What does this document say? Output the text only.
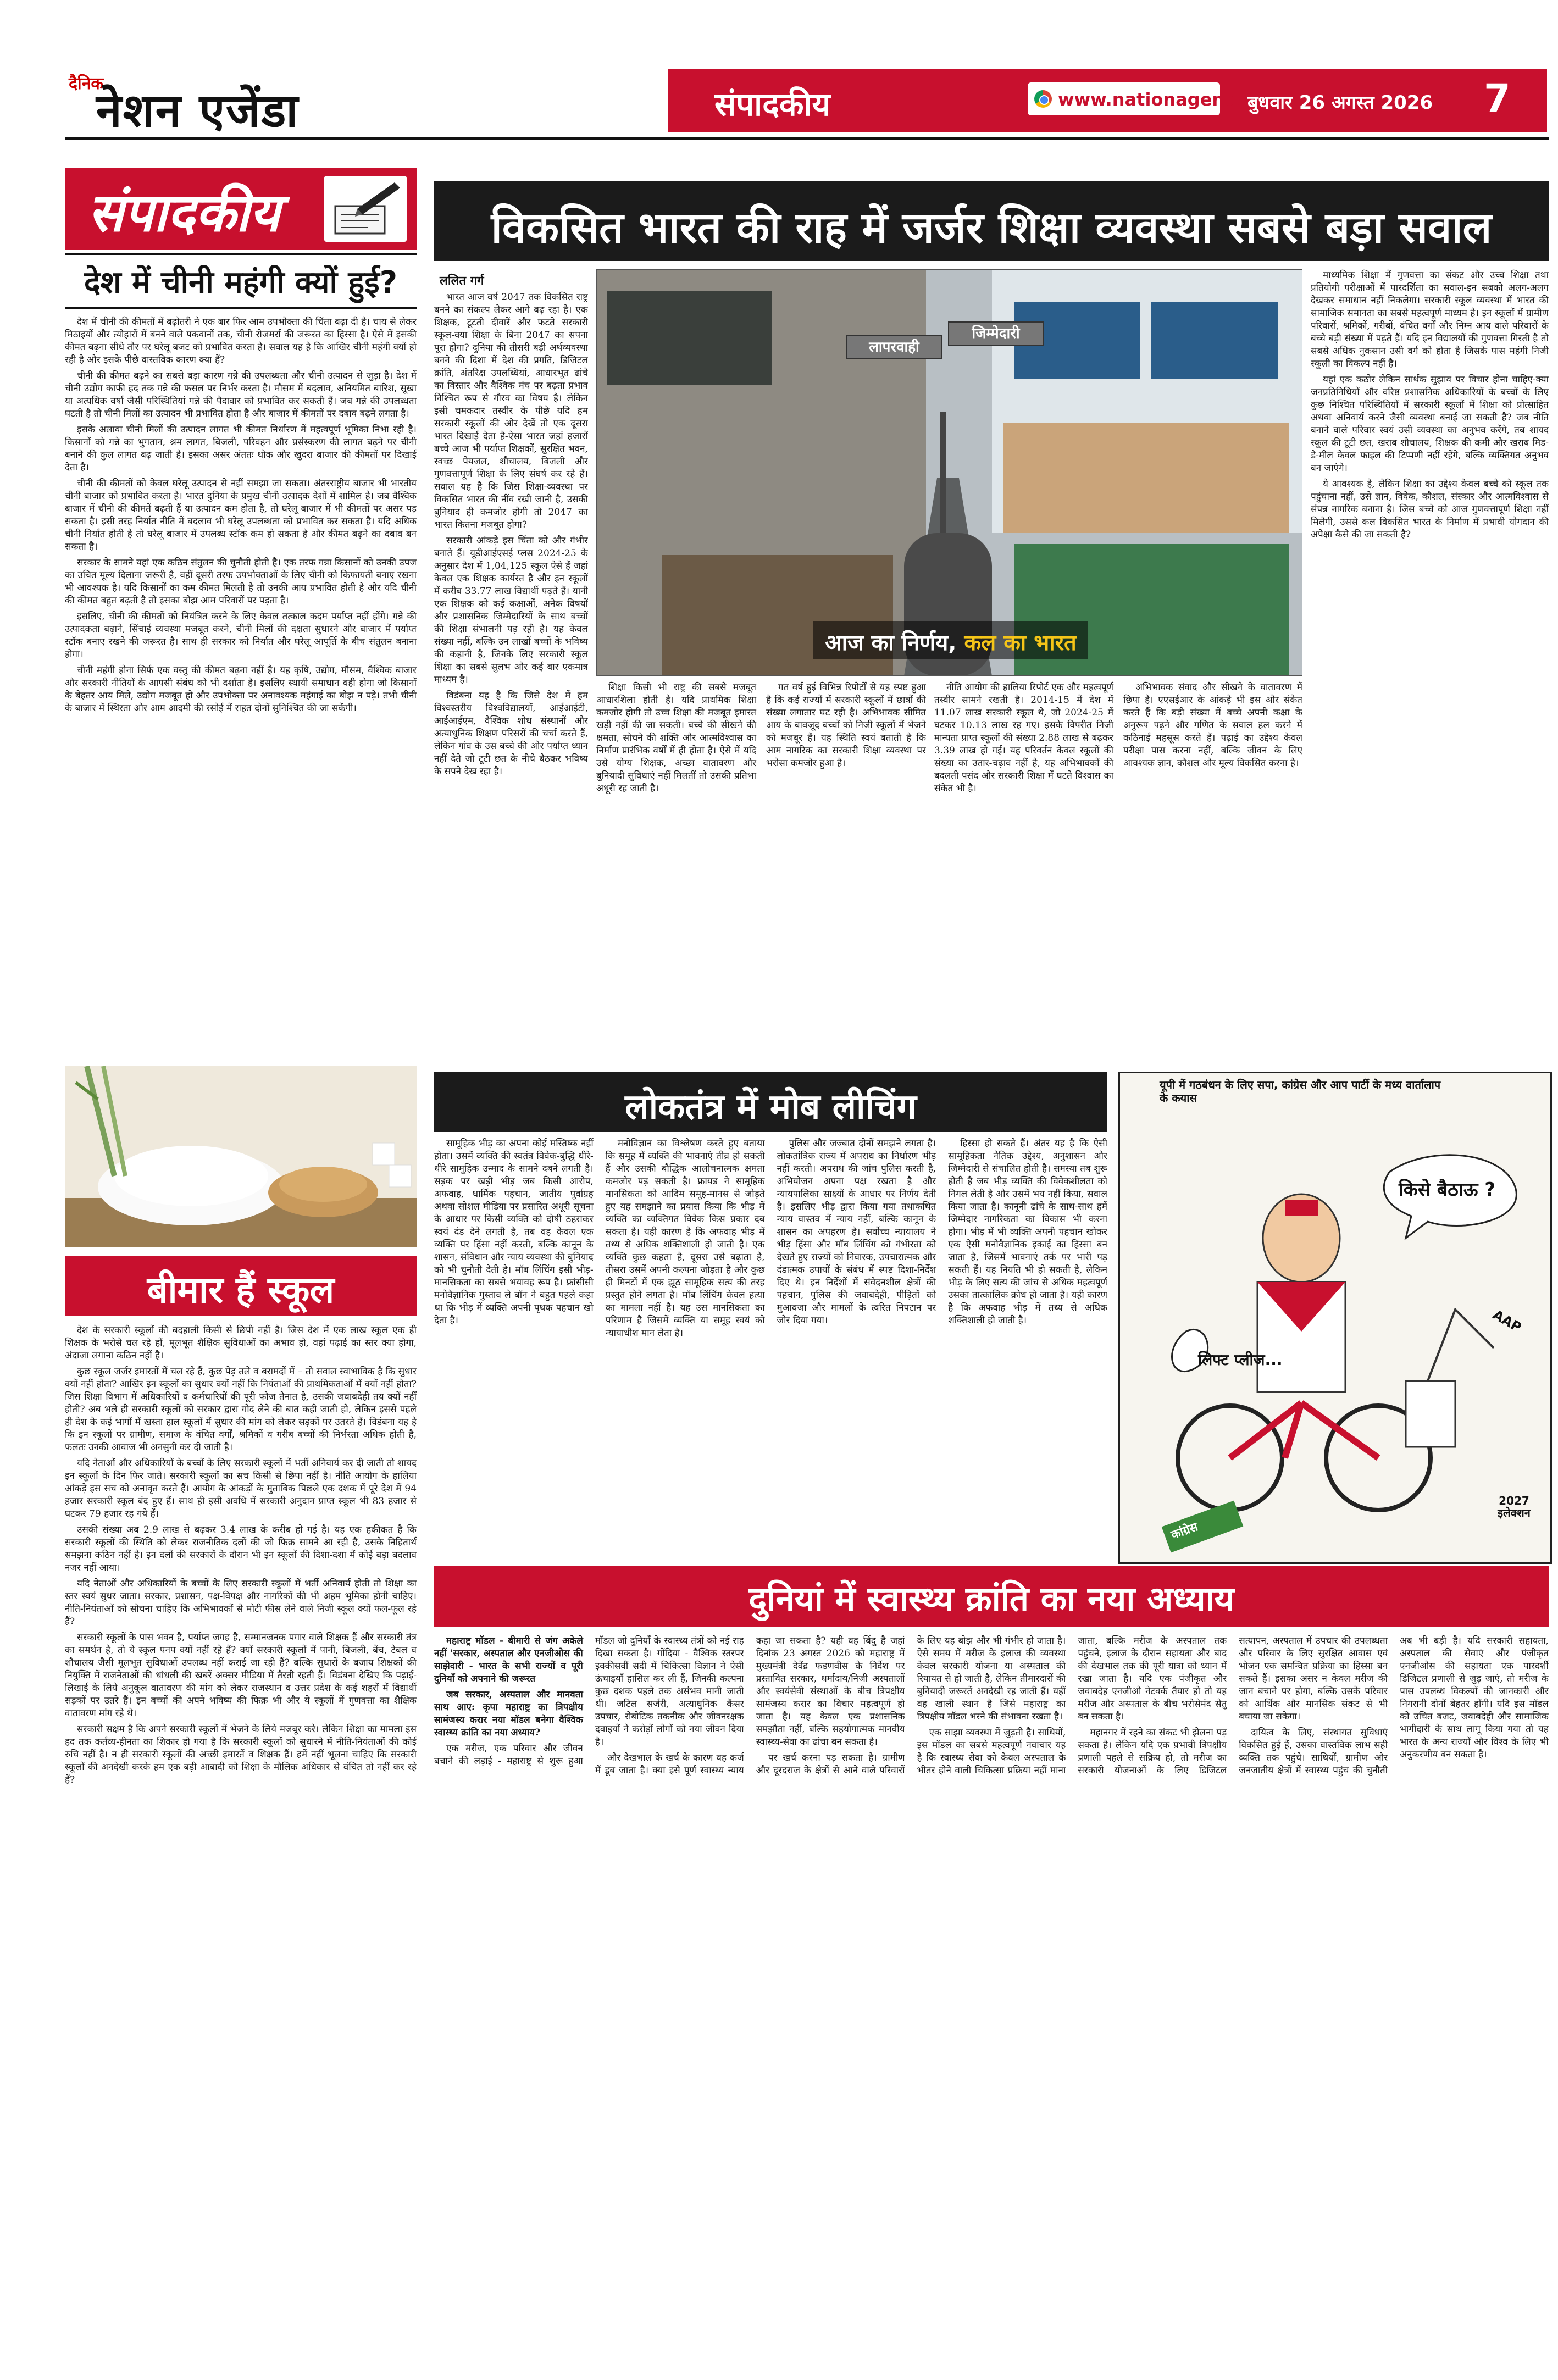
दैनिक
नेशन एजेंडा	संपादकीय	www.nationagenda.com
बुधवार 26 अगस्त 2026 7
संपादकीय
देश में चीनी महंगी क्यों हुई?

देश में चीनी की कीमतों में बढ़ोतरी ने एक बार फिर आम उपभोक्ता की चिंता बढ़ा दी है। चाय से लेकर मिठाइयों और त्योहारों में बनने वाले पकवानों तक, चीनी रोजमर्रा की जरूरत का हिस्सा है। ऐसे में इसकी कीमत बढ़ना सीधे तौर पर घरेलू बजट को प्रभावित करता है। सवाल यह है कि आखिर चीनी महंगी क्यों हो रही है और इसके पीछे वास्तविक कारण क्या हैं?

चीनी की कीमत बढ़ने का सबसे बड़ा कारण गन्ने की उपलब्धता और चीनी उत्पादन से जुड़ा है। देश में चीनी उद्योग काफी हद तक गन्ने की फसल पर निर्भर करता है। मौसम में बदलाव, अनियमित बारिश, सूखा या अत्यधिक वर्षा जैसी परिस्थितियां गन्ने की पैदावार को प्रभावित कर सकती हैं। जब गन्ने की उपलब्धता घटती है तो चीनी मिलों का उत्पादन भी प्रभावित होता है और बाजार में कीमतों पर दबाव बढ़ने लगता है।

इसके अलावा चीनी मिलों की उत्पादन लागत भी कीमत निर्धारण में महत्वपूर्ण भूमिका निभा रही है। किसानों को गन्ने का भुगतान, श्रम लागत, बिजली, परिवहन और प्रसंस्करण की लागत बढ़ने पर चीनी बनाने की कुल लागत बढ़ जाती है। इसका असर अंततः थोक और खुदरा बाजार की कीमतों पर दिखाई देता है।

चीनी की कीमतों को केवल घरेलू उत्पादन से नहीं समझा जा सकता। अंतरराष्ट्रीय बाजार भी भारतीय चीनी बाजार को प्रभावित करता है। भारत दुनिया के प्रमुख चीनी उत्पादक देशों में शामिल है। जब वैश्विक बाजार में चीनी की कीमतें बढ़ती हैं या उत्पादन कम होता है, तो घरेलू बाजार में भी कीमतों पर असर पड़ सकता है। इसी तरह निर्यात नीति में बदलाव भी घरेलू उपलब्धता को प्रभावित कर सकता है। यदि अधिक चीनी निर्यात होती है तो घरेलू बाजार में उपलब्ध स्टॉक कम हो सकता है और कीमत बढ़ने का दबाव बन सकता है।

सरकार के सामने यहां एक कठिन संतुलन की चुनौती होती है। एक तरफ गन्ना किसानों को उनकी उपज का उचित मूल्य दिलाना जरूरी है, वहीं दूसरी तरफ उपभोक्ताओं के लिए चीनी को किफायती बनाए रखना भी आवश्यक है। यदि किसानों का कम कीमत मिलती है तो उनकी आय प्रभावित होती है और यदि चीनी की कीमत बहुत बढ़ती है तो इसका बोझ आम परिवारों पर पड़ता है।

इसलिए, चीनी की कीमतों को नियंत्रित करने के लिए केवल तत्काल कदम पर्याप्त नहीं होंगे। गन्ने की उत्पादकता बढ़ाने, सिंचाई व्यवस्था मजबूत करने, चीनी मिलों की दक्षता सुधारने और बाजार में पर्याप्त स्टॉक बनाए रखने की जरूरत है। साथ ही सरकार को निर्यात और घरेलू आपूर्ति के बीच संतुलन बनाना होगा।

चीनी महंगी होना सिर्फ एक वस्तु की कीमत बढ़ना नहीं है। यह कृषि, उद्योग, मौसम, वैश्विक बाजार और सरकारी नीतियों के आपसी संबंध को भी दर्शाता है। इसलिए स्थायी समाधान वही होगा जो किसानों के बेहतर आय मिले, उद्योग मजबूत हो और उपभोक्ता पर अनावश्यक महंगाई का बोझ न पड़े। तभी चीनी के बाजार में स्थिरता और आम आदमी की रसोई में राहत दोनों सुनिश्चित की जा सकेंगी।

बीमार हैं स्कूल

देश के सरकारी स्कूलों की बदहाली किसी से छिपी नहीं है। जिस देश में एक लाख स्कूल एक ही शिक्षक के भरोसे चल रहे हों, मूलभूत शैक्षिक सुविधाओं का अभाव हो, वहां पढ़ाई का स्तर क्या होगा, अंदाजा लगाना कठिन नहीं है।

कुछ स्कूल जर्जर इमारतों में चल रहे हैं, कुछ पेड़ तले व बरामदों में – तो सवाल स्वाभाविक है कि सुधार क्यों नहीं होता? आखिर इन स्कूलों का सुधार क्यों नहीं कि नियंताओं की प्राथमिकताओं में क्यों नहीं होता? जिस शिक्षा विभाग में अधिकारियों व कर्मचारियों की पूरी फौज तैनात है, उसकी जवाबदेही तय क्यों नहीं होती? अब भले ही सरकारी स्कूलों को सरकार द्वारा गोद लेने की बात कही जाती हो, लेकिन इससे पहले ही देश के कई भागों में खस्ता हाल स्कूलों में सुधार की मांग को लेकर सड़कों पर उतरते हैं। विडंबना यह है कि इन स्कूलों पर ग्रामीण, समाज के वंचित वर्गों, श्रमिकों व गरीब बच्चों की निर्भरता अधिक होती है, फलतः उनकी आवाज भी अनसुनी कर दी जाती है।

यदि नेताओं और अधिकारियों के बच्चों के लिए सरकारी स्कूलों में भर्ती अनिवार्य कर दी जाती तो शायद इन स्कूलों के दिन फिर जाते। सरकारी स्कूलों का सच किसी से छिपा नहीं है। नीति आयोग के हालिया आंकड़े इस सच को अनावृत करते हैं। आयोग के आंकड़ों के मुताबिक पिछले एक दशक में पूरे देश में 94 हजार सरकारी स्कूल बंद हुए हैं। साथ ही इसी अवधि में सरकारी अनुदान प्राप्त स्कूल भी 83 हजार से घटकर 79 हजार रह गये हैं।

उसकी संख्या अब 2.9 लाख से बढ़कर 3.4 लाख के करीब हो गई है। यह एक हकीकत है कि सरकारी स्कूलों की स्थिति को लेकर राजनीतिक दलों की जो फिक्र सामने आ रही है, उसके निहितार्थ समझना कठिन नहीं है। इन दलों की सरकारों के दौरान भी इन स्कूलों की दिशा-दशा में कोई बड़ा बदलाव नजर नहीं आया।

यदि नेताओं और अधिकारियों के बच्चों के लिए सरकारी स्कूलों में भर्ती अनिवार्य होती तो शिक्षा का स्तर स्वयं सुधर जाता। सरकार, प्रशासन, पक्ष-विपक्ष और नागरिकों की भी अहम भूमिका होनी चाहिए। नीति-नियंताओं को सोचना चाहिए कि अभिभावकों से मोटी फीस लेने वाले निजी स्कूल क्यों फल-फूल रहे हैं?

सरकारी स्कूलों के पास भवन है, पर्याप्त जगह है, सम्मानजनक पगार वाले शिक्षक हैं और सरकारी तंत्र का समर्थन है, तो ये स्कूल पनप क्यों नहीं रहे हैं? क्यों सरकारी स्कूलों में पानी, बिजली, बेंच, टेबल व शौचालय जैसी मूलभूत सुविधाओं उपलब्ध नहीं कराई जा रही हैं? बल्कि सुधारों के बजाय शिक्षकों की नियुक्ति में राजनेताओं की धांधली की खबरें अक्सर मीडिया में तैरती रहती हैं। विडंबना देखिए कि पढ़ाई-लिखाई के लिये अनुकूल वातावरण की मांग को लेकर राजस्थान व उत्तर प्रदेश के कई शहरों में विद्यार्थी सड़कों पर उतरे हैं। इन बच्चों की अपने भविष्य की फिक्र भी और ये स्कूलों में गुणवत्ता का शैक्षिक वातावरण मांग रहे थे।

सरकारी सक्षम है कि अपने सरकारी स्कूलों में भेजने के लिये मजबूर करे। लेकिन शिक्षा का मामला इस हद तक कर्तव्य-हीनता का शिकार हो गया है कि सरकारी स्कूलों को सुधारने में नीति-नियंताओं की कोई रुचि नहीं है। न ही सरकारी स्कूलों की अच्छी इमारतें व शिक्षक हैं। हमें नहीं भूलना चाहिए कि सरकारी स्कूलों की अनदेखी करके हम एक बड़ी आबादी को शिक्षा के मौलिक अधिकार से वंचित तो नहीं कर रहे हैं?

विकसित भारत की राह में जर्जर शिक्षा व्यवस्था सबसे बड़ा सवाल
ललित गर्ग
लापरवाही
जिम्मेदारी
आज का निर्णय, कल का भारत

भारत आज वर्ष 2047 तक विकसित राष्ट्र बनने का संकल्प लेकर आगे बढ़ रहा है। एक शिक्षक, टूटती दीवारें और फटते सरकारी स्कूल-क्या शिक्षा के बिना 2047 का सपना पूरा होगा? दुनिया की तीसरी बड़ी अर्थव्यवस्था बनने की दिशा में देश की प्रगति, डिजिटल क्रांति, अंतरिक्ष उपलब्धियां, आधारभूत ढांचे का विस्तार और वैश्विक मंच पर बढ़ता प्रभाव निश्चित रूप से गौरव का विषय है। लेकिन इसी चमकदार तस्वीर के पीछे यदि हम सरकारी स्कूलों की ओर देखें तो एक दूसरा भारत दिखाई देता है-ऐसा भारत जहां हजारों बच्चे आज भी पर्याप्त शिक्षकों, सुरक्षित भवन, स्वच्छ पेयजल, शौचालय, बिजली और गुणवत्तापूर्ण शिक्षा के लिए संघर्ष कर रहे हैं। सवाल यह है कि जिस शिक्षा-व्यवस्था पर विकसित भारत की नींव रखी जानी है, उसकी बुनियाद ही कमजोर होगी तो 2047 का भारत कितना मजबूत होगा?

सरकारी आंकड़े इस चिंता को और गंभीर बनाते हैं। यूडीआईएसई प्लस 2024-25 के अनुसार देश में 1,04,125 स्कूल ऐसे हैं जहां केवल एक शिक्षक कार्यरत है और इन स्कूलों में करीब 33.77 लाख विद्यार्थी पढ़ते हैं। यानी एक शिक्षक को कई कक्षाओं, अनेक विषयों और प्रशासनिक जिम्मेदारियों के साथ बच्चों की शिक्षा संभालनी पड़ रही है। यह केवल संख्या नहीं, बल्कि उन लाखों बच्चों के भविष्य की कहानी है, जिनके लिए सरकारी स्कूल शिक्षा का सबसे सुलभ और कई बार एकमात्र माध्यम है।

विडंबना यह है कि जिसे देश में हम विश्वस्तरीय विश्वविद्यालयों, आईआईटी, आईआईएम, वैश्विक शोध संस्थानों और अत्याधुनिक शिक्षण परिसरों की चर्चा करते हैं, लेकिन गांव के उस बच्चे की ओर पर्याप्त ध्यान नहीं देते जो टूटी छत के नीचे बैठकर भविष्य के सपने देख रहा है।

शिक्षा किसी भी राष्ट्र की सबसे मजबूत आधारशिला होती है। यदि प्राथमिक शिक्षा कमजोर होगी तो उच्च शिक्षा की मजबूत इमारत खड़ी नहीं की जा सकती। बच्चे की सीखने की क्षमता, सोचने की शक्ति और आत्मविश्वास का निर्माण प्रारंभिक वर्षों में ही होता है। ऐसे में यदि उसे योग्य शिक्षक, अच्छा वातावरण और बुनियादी सुविधाएं नहीं मिलतीं तो उसकी प्रतिभा अधूरी रह जाती है।

गत वर्ष हुई विभिन्न रिपोर्टों से यह स्पष्ट हुआ है कि कई राज्यों में सरकारी स्कूलों में छात्रों की संख्या लगातार घट रही है। अभिभावक सीमित आय के बावजूद बच्चों को निजी स्कूलों में भेजने को मजबूर हैं। यह स्थिति स्वयं बताती है कि आम नागरिक का सरकारी शिक्षा व्यवस्था पर भरोसा कमजोर हुआ है।

नीति आयोग की हालिया रिपोर्ट एक और महत्वपूर्ण तस्वीर सामने रखती है। 2014-15 में देश में 11.07 लाख सरकारी स्कूल थे, जो 2024-25 में घटकर 10.13 लाख रह गए। इसके विपरीत निजी मान्यता प्राप्त स्कूलों की संख्या 2.88 लाख से बढ़कर 3.39 लाख हो गई। यह परिवर्तन केवल स्कूलों की संख्या का उतार-चढ़ाव नहीं है, यह अभिभावकों की बदलती पसंद और सरकारी शिक्षा में घटते विश्वास का संकेत भी है।

अभिभावक संवाद और सीखने के वातावरण में छिपा है। एएसईआर के आंकड़े भी इस ओर संकेत करते हैं कि बड़ी संख्या में बच्चे अपनी कक्षा के अनुरूप पढ़ने और गणित के सवाल हल करने में कठिनाई महसूस करते हैं। पढ़ाई का उद्देश्य केवल परीक्षा पास करना नहीं, बल्कि जीवन के लिए आवश्यक ज्ञान, कौशल और मूल्य विकसित करना है।

माध्यमिक शिक्षा में गुणवत्ता का संकट और उच्च शिक्षा तथा प्रतियोगी परीक्षाओं में पारदर्शिता का सवाल-इन सबको अलग-अलग देखकर समाधान नहीं निकलेगा। सरकारी स्कूल व्यवस्था में भारत की सामाजिक समानता का सबसे महत्वपूर्ण माध्यम है। इन स्कूलों में ग्रामीण परिवारों, श्रमिकों, गरीबों, वंचित वर्गों और निम्न आय वाले परिवारों के बच्चे बड़ी संख्या में पढ़ते हैं। यदि इन विद्यालयों की गुणवत्ता गिरती है तो सबसे अधिक नुकसान उसी वर्ग को होता है जिसके पास महंगी निजी स्कूली का विकल्प नहीं है।

यहां एक कठोर लेकिन सार्थक सुझाव पर विचार होना चाहिए-क्या जनप्रतिनिधियों और वरिष्ठ प्रशासनिक अधिकारियों के बच्चों के लिए कुछ निश्चित परिस्थितियों में सरकारी स्कूलों में शिक्षा को प्रोत्साहित अथवा अनिवार्य करने जैसी व्यवस्था बनाई जा सकती है? जब नीति बनाने वाले परिवार स्वयं उसी व्यवस्था का अनुभव करेंगे, तब शायद स्कूल की टूटी छत, खराब शौचालय, शिक्षक की कमी और खराब मिड-डे-मील केवल फाइल की टिप्पणी नहीं रहेंगे, बल्कि व्यक्तिगत अनुभव बन जाएंगे।

ये आवश्यक है, लेकिन शिक्षा का उद्देश्य केवल बच्चे को स्कूल तक पहुंचाना नहीं, उसे ज्ञान, विवेक, कौशल, संस्कार और आत्मविश्वास से संपन्न नागरिक बनाना है। जिस बच्चे को आज गुणवत्तापूर्ण शिक्षा नहीं मिलेगी, उससे कल विकसित भारत के निर्माण में प्रभावी योगदान की अपेक्षा कैसे की जा सकती है?

लोकतंत्र में मोब लीचिंग

सामूहिक भीड़ का अपना कोई मस्तिष्क नहीं होता। उसमें व्यक्ति की स्वतंत्र विवेक-बुद्धि धीरे-धीरे सामूहिक उन्माद के सामने दबने लगती है। सड़क पर खड़ी भीड़ जब किसी आरोप, अफवाह, धार्मिक पहचान, जातीय पूर्वाग्रह अथवा सोशल मीडिया पर प्रसारित अधूरी सूचना के आधार पर किसी व्यक्ति को दोषी ठहराकर स्वयं दंड देने लगती है, तब वह केवल एक व्यक्ति पर हिंसा नहीं करती, बल्कि कानून के शासन, संविधान और न्याय व्यवस्था की बुनियाद को भी चुनौती देती है। मॉब लिंचिंग इसी भीड़-मानसिकता का सबसे भयावह रूप है। फ्रांसीसी मनोवैज्ञानिक गुस्ताव ले बॉन ने बहुत पहले कहा था कि भीड़ में व्यक्ति अपनी पृथक पहचान खो देता है।

मनोविज्ञान का विश्लेषण करते हुए बताया कि समूह में व्यक्ति की भावनाएं तीव्र हो सकती हैं और उसकी बौद्धिक आलोचनात्मक क्षमता कमजोर पड़ सकती है। फ्रायड ने सामूहिक मानसिकता को आदिम समूह-मानस से जोड़ते हुए यह समझाने का प्रयास किया कि भीड़ में व्यक्ति का व्यक्तिगत विवेक किस प्रकार दब सकता है। यही कारण है कि अफवाह भीड़ में तथ्य से अधिक शक्तिशाली हो जाती है। एक व्यक्ति कुछ कहता है, दूसरा उसे बढ़ाता है, तीसरा उसमें अपनी कल्पना जोड़ता है और कुछ ही मिनटों में एक झूठ सामूहिक सत्य की तरह प्रस्तुत होने लगता है। मॉब लिंचिंग केवल हत्या का मामला नहीं है। यह उस मानसिकता का परिणाम है जिसमें व्यक्ति या समूह स्वयं को न्यायाधीश मान लेता है।

पुलिस और जज्बात दोनों समझने लगता है। लोकतांत्रिक राज्य में अपराध का निर्धारण भीड़ नहीं करती। अपराध की जांच पुलिस करती है, अभियोजन अपना पक्ष रखता है और न्यायपालिका साक्ष्यों के आधार पर निर्णय देती है। इसलिए भीड़ द्वारा किया गया तथाकथित न्याय वास्तव में न्याय नहीं, बल्कि कानून के शासन का अपहरण है। सर्वोच्च न्यायालय ने भीड़ हिंसा और मॉब लिंचिंग को गंभीरता को देखते हुए राज्यों को निवारक, उपचारात्मक और दंडात्मक उपायों के संबंध में स्पष्ट दिशा-निर्देश दिए थे। इन निर्देशों में संवेदनशील क्षेत्रों की पहचान, पुलिस की जवाबदेही, पीड़ितों को मुआवजा और मामलों के त्वरित निपटान पर जोर दिया गया।

हिस्सा हो सकते हैं। अंतर यह है कि ऐसी सामूहिकता नैतिक उद्देश्य, अनुशासन और जिम्मेदारी से संचालित होती है। समस्या तब शुरू होती है जब भीड़ व्यक्ति की विवेकशीलता को निगल लेती है और उसमें भय नहीं किया, सवाल किया जाता है। कानूनी ढांचे के साथ-साथ हमें जिम्मेदार नागरिकता का विकास भी करना होगा। भीड़ में भी व्यक्ति अपनी पहचान खोकर एक ऐसी मनोवैज्ञानिक इकाई का हिस्सा बन जाता है, जिसमें भावनाएं तर्क पर भारी पड़ सकती हैं। यह नियति भी हो सकती है, लेकिन भीड़ के लिए सत्य की जांच से अधिक महत्वपूर्ण उसका तात्कालिक क्रोध हो जाता है। यही कारण है कि अफवाह भीड़ में तथ्य से अधिक शक्तिशाली हो जाती है।

यूपी में गठबंधन के लिए सपा, कांग्रेस और आप पार्टी के मध्य वार्तालाप के कयास
किसे बैठाऊ ?
लिफ्ट प्लीज...
AAP
2027 इलेक्शन
कांग्रेस
दुनियां में स्वास्थ्य क्रांति का नया अध्याय

महाराष्ट्र मॉडल - बीमारी से जंग अकेले नहीं 'सरकार, अस्पताल और एनजीओस की साझेदारी - भारत के सभी राज्यों व पूरी दुनियाँ को अपनाने की जरूरत

जब सरकार, अस्पताल और मानवता साथ आए: कृपा महाराष्ट्र का त्रिपक्षीय सामंजस्य करार नया मॉडल बनेगा वैश्विक स्वास्थ्य क्रांति का नया अध्याय?

एक मरीज, एक परिवार और जीवन बचाने की लड़ाई - महाराष्ट्र से शुरू हुआ मॉडल जो दुनियाँ के स्वास्थ्य तंत्रों को नई राह दिखा सकता है। गोंदिया - वैश्विक स्तरपर इक्कीसवीं सदी में चिकित्सा विज्ञान ने ऐसी ऊंचाइयाँ हासिल कर ली हैं, जिनकी कल्पना कुछ दशक पहले तक असंभव मानी जाती थी। जटिल सर्जरी, अत्याधुनिक कैंसर उपचार, रोबोटिक तकनीक और जीवनरक्षक दवाइयों ने करोड़ों लोगों को नया जीवन दिया है।

और देखभाल के खर्च के कारण वह कर्ज में डूब जाता है। क्या इसे पूर्ण स्वास्थ्य न्याय कहा जा सकता है? यही वह बिंदु है जहां दिनांक 23 अगस्त 2026 को महाराष्ट्र में मुख्यमंत्री देवेंद्र फडणवीस के निर्देश पर प्रस्तावित सरकार, धर्मादाय/निजी अस्पतालों और स्वयंसेवी संस्थाओं के बीच त्रिपक्षीय सामंजस्य करार का विचार महत्वपूर्ण हो जाता है। यह केवल एक प्रशासनिक समझौता नहीं, बल्कि सहयोगात्मक मानवीय स्वास्थ्य-सेवा का ढांचा बन सकता है।

पर खर्च करना पड़ सकता है। ग्रामीण और दूरदराज के क्षेत्रों से आने वाले परिवारों के लिए यह बोझ और भी गंभीर हो जाता है। ऐसे समय में मरीज के इलाज की व्यवस्था केवल सरकारी योजना या अस्पताल की रियायत से हो जाती है, लेकिन तीमारदारों की बुनियादी जरूरतें अनदेखी रह जाती हैं। यहीं वह खाली स्थान है जिसे महाराष्ट्र का त्रिपक्षीय मॉडल भरने की संभावना रखता है।

एक साझा व्यवस्था में जुड़ती है। साथियों, इस मॉडल का सबसे महत्वपूर्ण नवाचार यह है कि स्वास्थ्य सेवा को केवल अस्पताल के भीतर होने वाली चिकित्सा प्रक्रिया नहीं माना जाता, बल्कि मरीज के अस्पताल तक पहुंचने, इलाज के दौरान सहायता और बाद की देखभाल तक की पूरी यात्रा को ध्यान में रखा जाता है। यदि एक पंजीकृत और जवाबदेह एनजीओ नेटवर्क तैयार हो तो यह मरीज और अस्पताल के बीच भरोसेमंद सेतु बन सकता है।

महानगर में रहने का संकट भी झेलना पड़ सकता है। लेकिन यदि एक प्रभावी त्रिपक्षीय प्रणाली पहले से सक्रिय हो, तो मरीज का सरकारी योजनाओं के लिए डिजिटल सत्यापन, अस्पताल में उपचार की उपलब्धता और परिवार के लिए सुरक्षित आवास एवं भोजन एक समन्वित प्रक्रिया का हिस्सा बन सकते हैं। इसका असर न केवल मरीज की जान बचाने पर होगा, बल्कि उसके परिवार को आर्थिक और मानसिक संकट से भी बचाया जा सकेगा।

दायित्व के लिए, संस्थागत सुविधाएं विकसित हुई हैं, उसका वास्तविक लाभ सही व्यक्ति तक पहुंचे। साथियों, ग्रामीण और जनजातीय क्षेत्रों में स्वास्थ्य पहुंच की चुनौती अब भी बड़ी है। यदि सरकारी सहायता, अस्पताल की सेवाएं और पंजीकृत एनजीओस की सहायता एक पारदर्शी डिजिटल प्रणाली से जुड़ जाएं, तो मरीज के पास उपलब्ध विकल्पों की जानकारी और निगरानी दोनों बेहतर होंगी। यदि इस मॉडल को उचित बजट, जवाबदेही और सामाजिक भागीदारी के साथ लागू किया गया तो यह भारत के अन्य राज्यों और विश्व के लिए भी अनुकरणीय बन सकता है।
